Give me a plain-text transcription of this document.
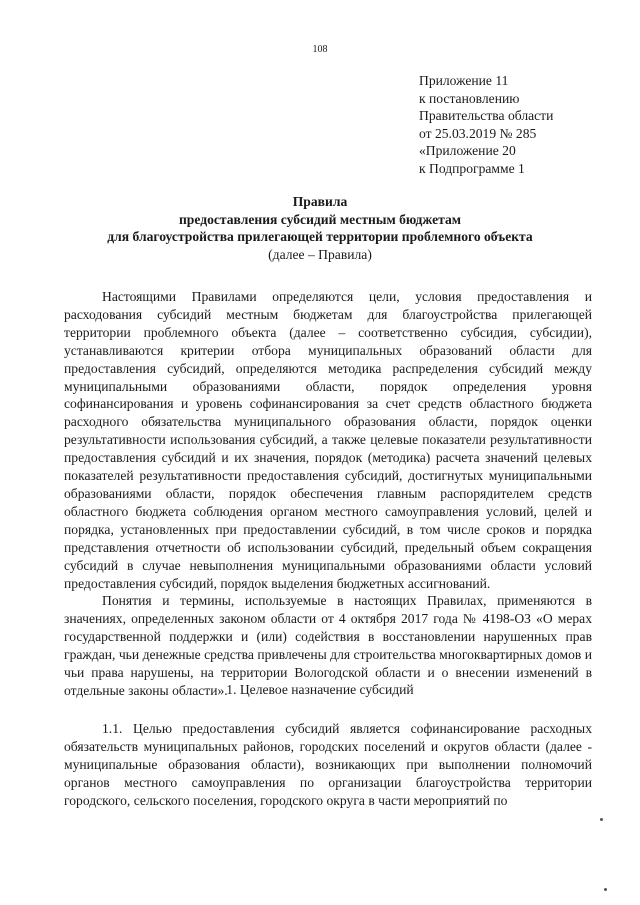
108
Приложение 11
к постановлению
Правительства области
от 25.03.2019 № 285
«Приложение 20
к Подпрограмме 1
Правила
предоставления субсидий местным бюджетам
для благоустройства прилегающей территории проблемного объекта
(далее – Правила)

Настоящими Правилами определяются цели, условия предоставления и расходования субсидий местным бюджетам для благоустройства прилегающей территории проблемного объекта (далее – соответственно субсидия, субсидии), устанавливаются критерии отбора муниципальных образований области для предоставления субсидий, определяются методика распределения субсидий между муниципальными образованиями области, порядок определения уровня софинансирования и уровень софинансирования за счет средств областного бюджета расходного обязательства муниципального образования области, порядок оценки результативности использования субсидий, а также целевые показатели результативности предоставления субсидий и их значения, порядок (методика) расчета значений целевых показателей результативности предоставления субсидий, достигнутых муниципальными образованиями области, порядок обеспечения главным распорядителем средств областного бюджета соблюдения органом местного самоуправления условий, целей и порядка, установленных при предоставлении субсидий, в том числе сроков и порядка представления отчетности об использовании субсидий, предельный объем сокращения субсидий в случае невыполнения муниципальными образованиями области условий предоставления субсидий, порядок выделения бюджетных ассигнований.

Понятия и термины, используемые в настоящих Правилах, применяются в значениях, определенных законом области от 4 октября 2017 года № 4198-ОЗ «О мерах государственной поддержки и (или) содействия в восстановлении нарушенных прав граждан, чьи денежные средства привлечены для строительства многоквартирных домов и чьи права нарушены, на территории Вологодской области и о внесении изменений в отдельные законы области».

1. Целевое назначение субсидий

1.1. Целью предоставления субсидий является софинансирование расходных обязательств муниципальных районов, городских поселений и округов области (далее - муниципальные образования области), возникающих при выполнении полномочий органов местного самоуправления по организации благоустройства территории городского, сельского поселения, городского округа в части мероприятий по
